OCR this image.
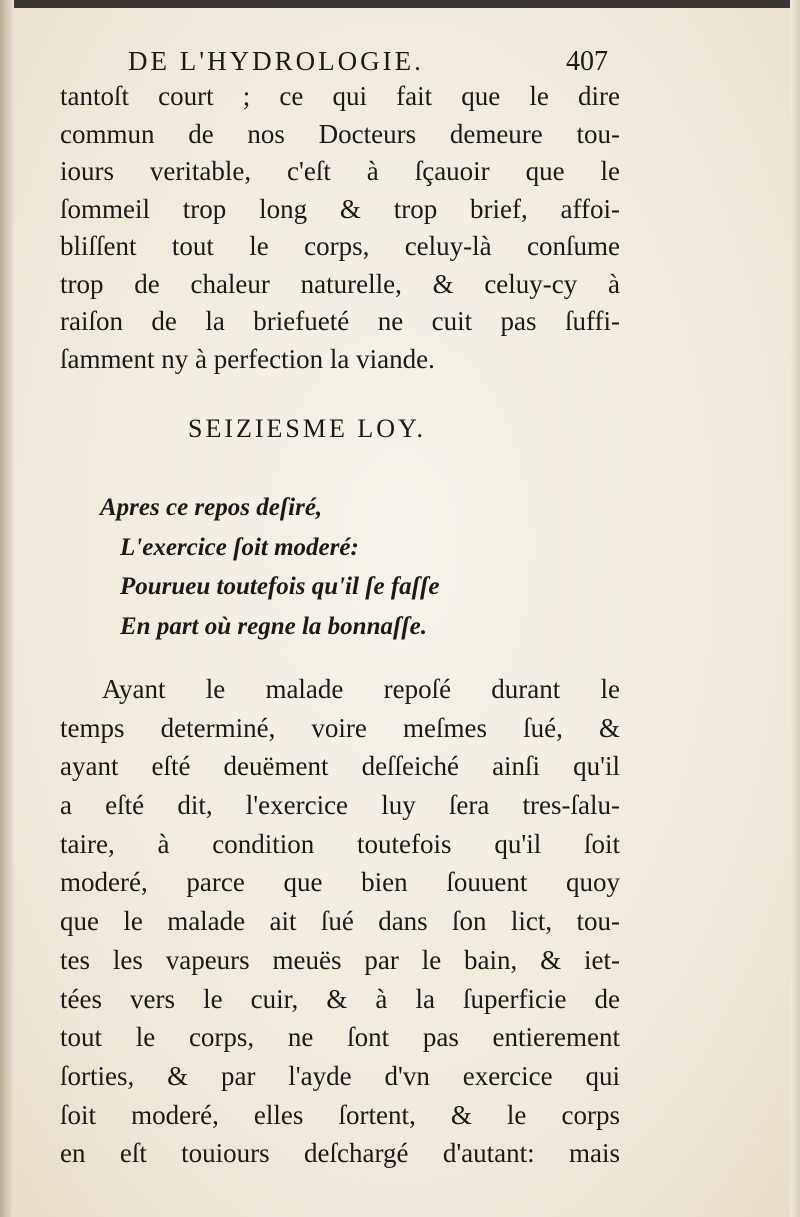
DE L'HYDROLOGIE.	407
tantoſt court ; ce qui fait que le dire
commun de nos Docteurs demeure tou-
iours veritable, c'eſt à ſçauoir que le
ſommeil trop long & trop brief, affoi-
bliſſent tout le corps, celuy-là conſume
trop de chaleur naturelle, & celuy-cy à
raiſon de la briefueté ne cuit pas ſuffi-
ſamment ny à perfection la viande.
SEIZIESME LOY.
Apres ce repos deſiré,
L'exercice ſoit moderé:
Pourueu toutefois qu'il ſe faſſe
En part où regne la bonnaſſe.
Ayant le malade repoſé durant le
temps determiné, voire meſmes ſué, &
ayant eſté deuëment deſſeiché ainſi qu'il
a eſté dit, l'exercice luy ſera tres-ſalu-
taire, à condition toutefois qu'il ſoit
moderé, parce que bien ſouuent quoy
que le malade ait ſué dans ſon lict, tou-
tes les vapeurs meuës par le bain, & iet-
tées vers le cuir, & à la ſuperficie de
tout le corps, ne ſont pas entierement
ſorties, & par l'ayde d'vn exercice qui
ſoit moderé, elles ſortent, & le corps
en eſt touiours deſchargé d'autant: mais
